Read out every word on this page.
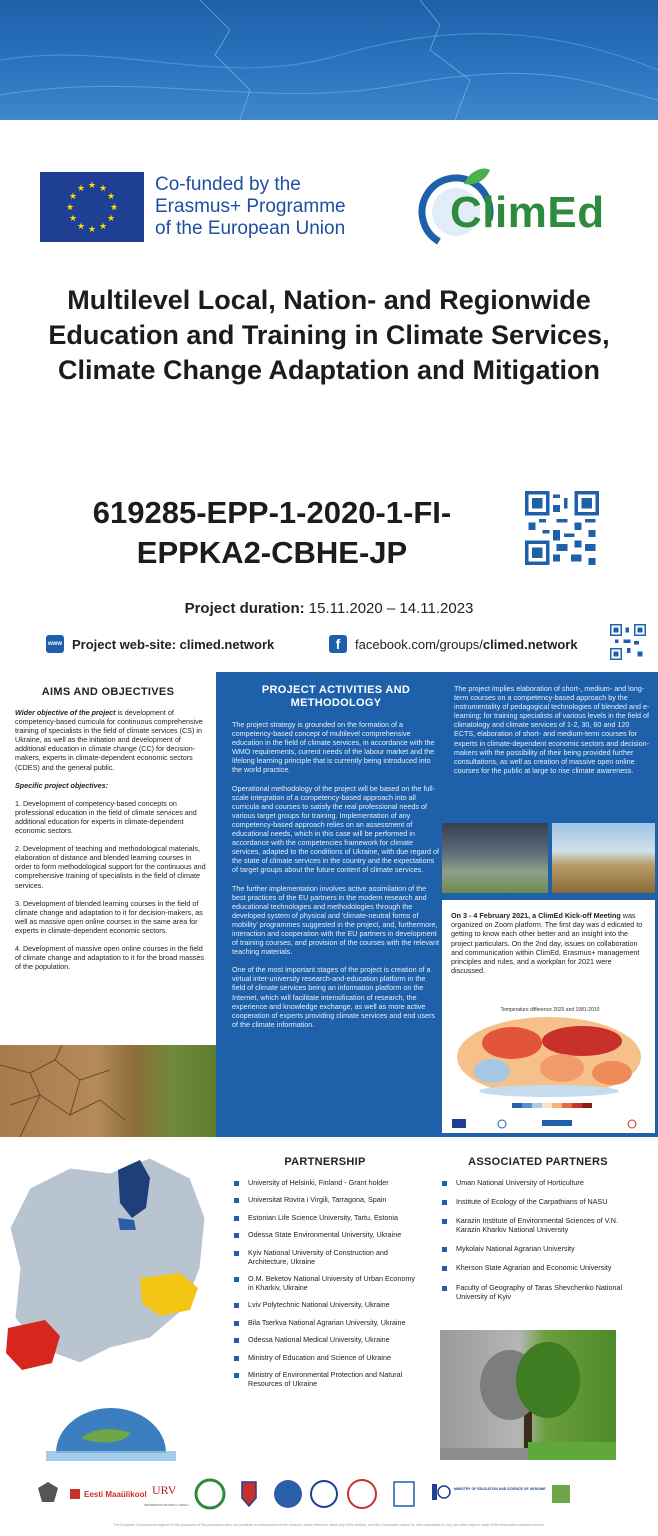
★ ★
★
★
★
★
★
★
★
★
★
★	Co-funded by the
Erasmus+ Programme
of the European Union	ClimEd
Multilevel Local, Nation- and Regionwide Education and Training in Climate Services, Climate Change Adaptation and Mitigation
619285-EPP-1-2020-1-FI-
EPPKA2-CBHE-JP
Project duration: 15.11.2020 – 14.11.2023
www Project web-site: climed.network	f	facebook.com/groups/ climed.network
AIMS AND OBJECTIVES

Wider objective of the project is development of competency-based curricula for continuous comprehensive training of specialists in the field of climate services (CS) in Ukraine, as well as the initiation and development of additional education in climate change (CC) for decision-makers, experts in climate-dependent economic sectors (CDES) and the general public.

Specific project objectives:

1. Development of competency-based concepts on professional education in the field of climate services and additional education for experts in climate-dependent economic sectors.

2. Development of teaching and methodological materials, elaboration of distance and blended learning courses in order to form methodological support for the continuous and comprehensive training of specialists in the field of climate services.

3. Development of blended learning courses in the field of climate change and adaptation to it for decision-makers, as well as massive open online courses in the same area for experts in climate-dependent economic sectors.

4. Development of massive open online courses in the field of climate change and adaptation to it for the broad masses of the population.

PROJECT ACTIVITIES AND METHODOLOGY

The project strategy is grounded on the formation of a competency-based concept of multilevel comprehensive education in the field of climate services, in accordance with the WMO requirements, current needs of the labour market and the lifelong learning principle that is currently being introduced into the world practice.

Operational methodology of the project will be based on the full-scale integration of a competency-based approach into all curricula and courses to satisfy the real professional needs of various target groups for training. Implementation of any competency-based approach relies on an assessment of educational needs, which in this case will be performed in accordance with the competencies framework for climate services, adapted to the conditions of Ukraine, with due regard of the state of climate services in the country and the expectations of target groups about the future content of climate services.

The further implementation involves active assimilation of the best practices of the EU partners in the modern research and educational technologies and methodologies through the developed system of physical and 'climate-neutral forms of mobility' programmes suggested in the project, and, furthermore, interaction and cooperation with the EU partners in development of training courses, and provision of the courses with the relevant teaching materials.

One of the most important stages of the project is creation of a virtual inter-university research-and-education platform in the field of climate services being an information platform on the Internet, which will facilitate intensification of research, the experience and knowledge exchange, as well as more active cooperation of experts providing climate services and end users of the climate information.

The project implies elaboration of short-, medium- and long-term courses on a competency-based approach by the instrumentality of pedagogical technologies of blended and e-learning; for training specialists of various levels in the field of climatology and climate services of 1-2, 30, 60 and 120 ECTS, elaboration of short- and medium-term courses for experts in climate-dependent economic sectors and decision-makers with the possibility of their being provided further consultations, as well as creation of massive open online courses for the public at large to rise climate awareness.
On 3 - 4 February 2021, a ClimEd Kick-off Meeting was organized on Zoom platform. The first day was d edicated to getting to know each other better and an insight into the project particulars. On the 2nd day, issues on collaboration and communication within ClimEd, Erasmus+ management principles and rules, and a workplan for 2021 were discussed.
Temperature difference 2020 and 1981-2010
PARTNERSHIP
University of Helsinki, Finland - Grant holder
Universitat Rovira i Virgili, Tarragona, Spain
Estonian Life Science University, Tartu, Estonia
Odessa State Environmental University, Ukraine
Kyiv National University of Construction and Architecture, Ukraine
O.M. Beketov National University of Urban Economy in Kharkiv, Ukraine
Lviv Polytechnic National University, Ukraine
Bila Tserkva National Agrarian University, Ukraine
Odessa National Medical University, Ukraine
Ministry of Education and Science of Ukraine
Ministry of Environmental Protection and Natural Resources of Ukraine
ASSOCIATED PARTNERS
Uman National University of Horticulture
Institute of Ecology of the Carpathians of NASU
Karazin Institute of Environmental Sciences of V.N. Karazin Kharkiv National University
Mykolaiv National Agrarian University
Kherson State Agrarian and Economic University
Faculty of Geography of Taras Shevchenko National University of Kyiv
Eesti Maaülikool URV
UNIVERSITAT ROVIRA I VIRGILI
MINISTRY OF EDUCATION AND SCIENCE OF UKRAINE
The European Commission's support for the production of this publication does not constitute an endorsement of the contents, which reflect the views only of the authors, and the Commission cannot be held responsible for any use which may be made of the information contained therein.
